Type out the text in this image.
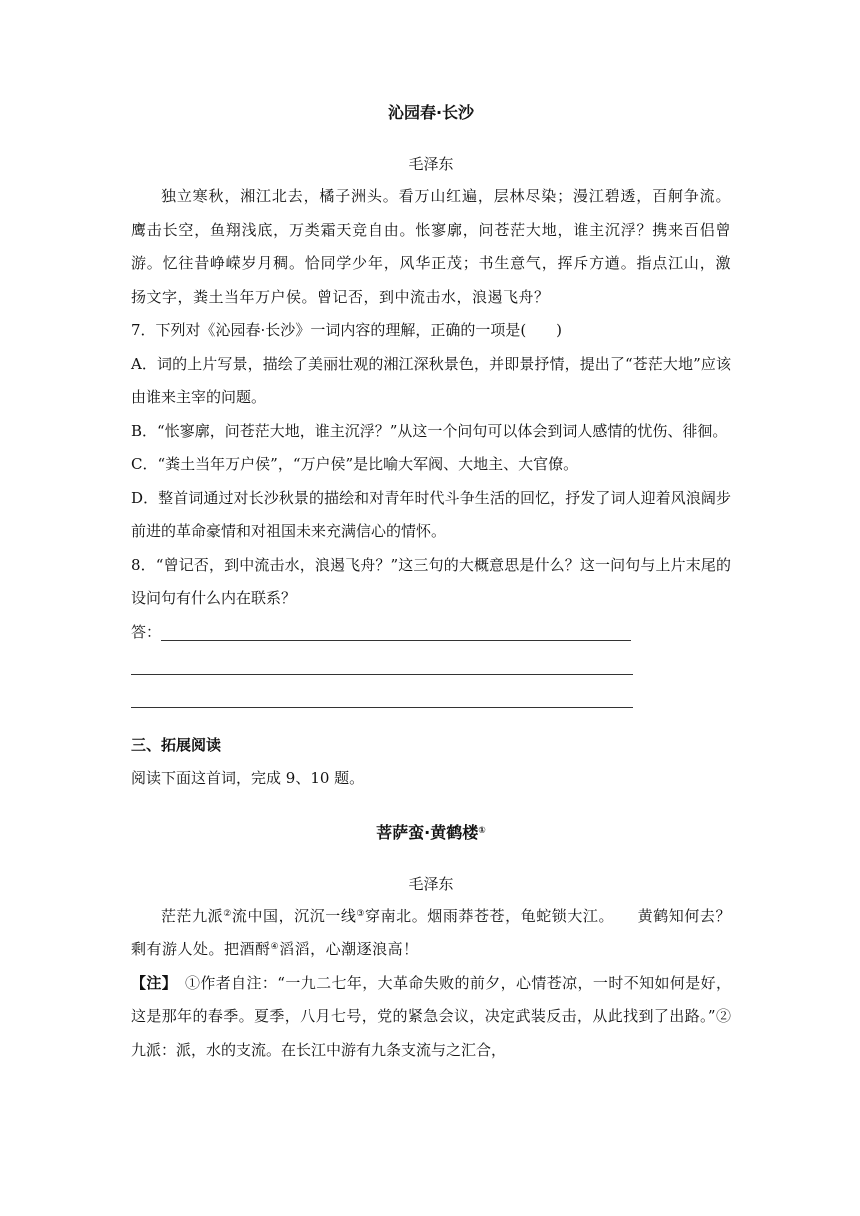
沁园春·长沙
毛泽东

独立寒秋，湘江北去，橘子洲头。看万山红遍，层林尽染；漫江碧透，百舸争流。鹰击长空，鱼翔浅底，万类霜天竞自由。怅寥廓，问苍茫大地，谁主沉浮？携来百侣曾游。忆往昔峥嵘岁月稠。恰同学少年，风华正茂；书生意气，挥斥方遒。指点江山，激扬文字，粪土当年万户侯。曾记否，到中流击水，浪遏飞舟？

7．下列对《沁园春·长沙》一词内容的理解，正确的一项是(　　)

A．词的上片写景，描绘了美丽壮观的湘江深秋景色，并即景抒情，提出了“苍茫大地”应该由谁来主宰的问题。

B．“怅寥廓，问苍茫大地，谁主沉浮？”从这一个问句可以体会到词人感情的忧伤、徘徊。

C．“粪土当年万户侯”，“万户侯”是比喻大军阀、大地主、大官僚。

D．整首词通过对长沙秋景的描绘和对青年时代斗争生活的回忆，抒发了词人迎着风浪阔步前进的革命豪情和对祖国未来充满信心的情怀。

8．“曾记否，到中流击水，浪遏飞舟？”这三句的大概意思是什么？这一问句与上片末尾的设问句有什么内在联系？

答：
三、拓展阅读

阅读下面这首词，完成 9、10 题。

菩萨蛮·黄鹤楼①
毛泽东

茫茫九派②流中国，沉沉一线③穿南北。烟雨莽苍苍，龟蛇锁大江。　　黄鹤知何去？剩有游人处。把酒酹④滔滔，心潮逐浪高！

【注】　①作者自注：“一九二七年，大革命失败的前夕，心情苍凉，一时不知如何是好，这是那年的春季。夏季，八月七号，党的紧急会议，决定武装反击，从此找到了出路。”②九派：派，水的支流。在长江中游有九条支流与之汇合，
